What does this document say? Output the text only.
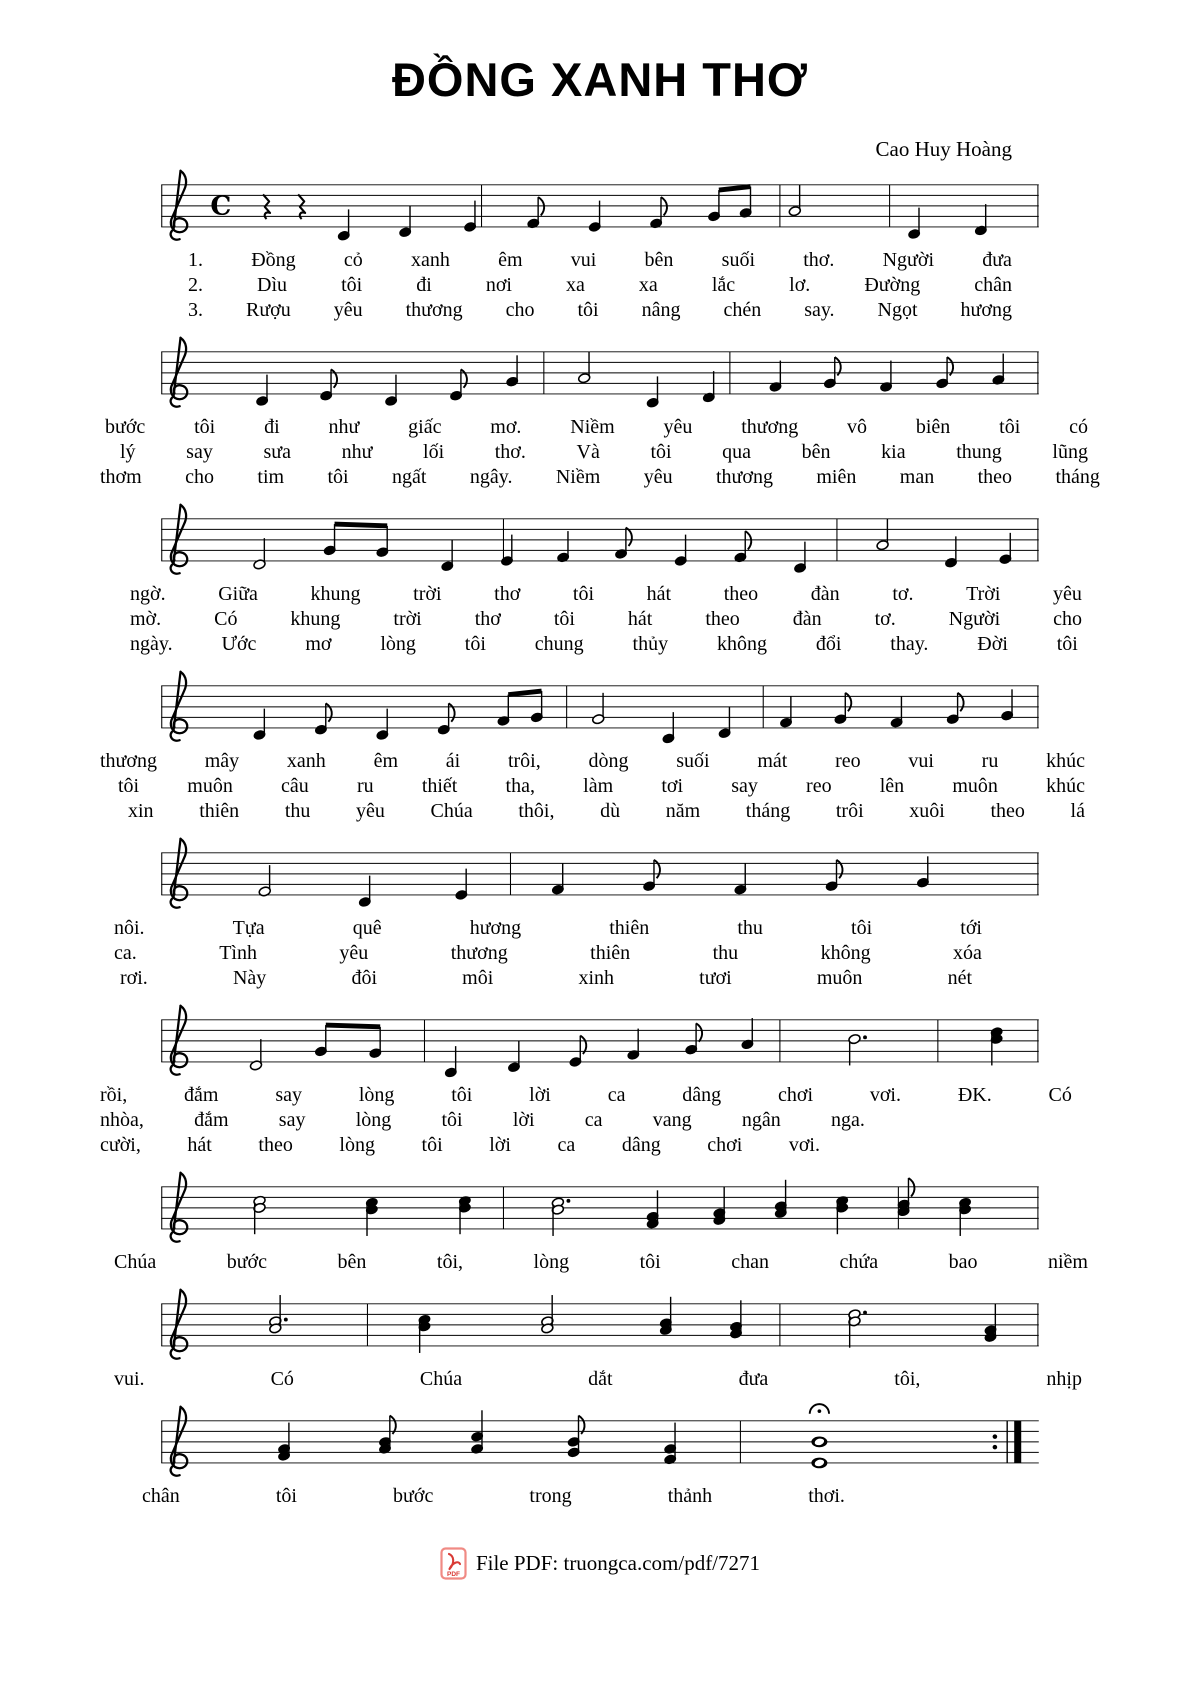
ĐỒNG XANH THƠ
Cao Huy Hoàng
C
1. Đồng cỏ xanh êm vui bên suối thơ. Người đưa
2.	Dìu	tôi	đi	nơi	xa	xa	lắc	lơ.	Đường	chân
3. Rượu yêu thương cho tôi nâng chén say. Ngọt hương
bước tôi đi như giấc mơ. Niềm yêu thương vô biên tôi có
lý	say	sưa	như	lối	thơ.	Và	tôi	qua	bên	kia	thung	lũng
thơm cho tim tôi ngất ngây. Niềm yêu thương miên man theo tháng
ngờ.	Giữa	khung	trời	thơ	tôi	hát	theo	đàn	tơ.	Trời	yêu
mờ.	Có	khung	trời	thơ	tôi	hát	theo	đàn	tơ.	Người	cho
ngày. Ước mơ lòng tôi chung thủy không đổi thay. Đời tôi
thương mây xanh êm ái trôi, dòng suối mát reo vui ru khúc
tôi muôn câu ru thiết tha, làm tơi say reo lên muôn khúc
xin thiên thu yêu Chúa thôi, dù năm tháng trôi xuôi theo lá
nôi.	Tựa	quê	hương	thiên	thu	tôi	tới
ca.	Tình	yêu	thương	thiên	thu	không	xóa
rơi.	Này	đôi	môi	xinh	tươi	muôn	nét
rồi,	đắm	say	lòng	tôi	lời	ca	dâng	chơi	vơi.	ĐK.	Có
nhòa,	đắm	say	lòng	tôi	lời	ca	vang	ngân	nga.
cười, hát theo lòng tôi lời ca dâng chơi vơi.
Chúa	bước	bên	tôi,	lòng	tôi	chan	chứa	bao	niềm
vui.	Có	Chúa	dắt	đưa	tôi,	nhịp
chân	tôi	bước	trong	thảnh	thơi.
PDF File PDF: truongca.com/pdf/7271
